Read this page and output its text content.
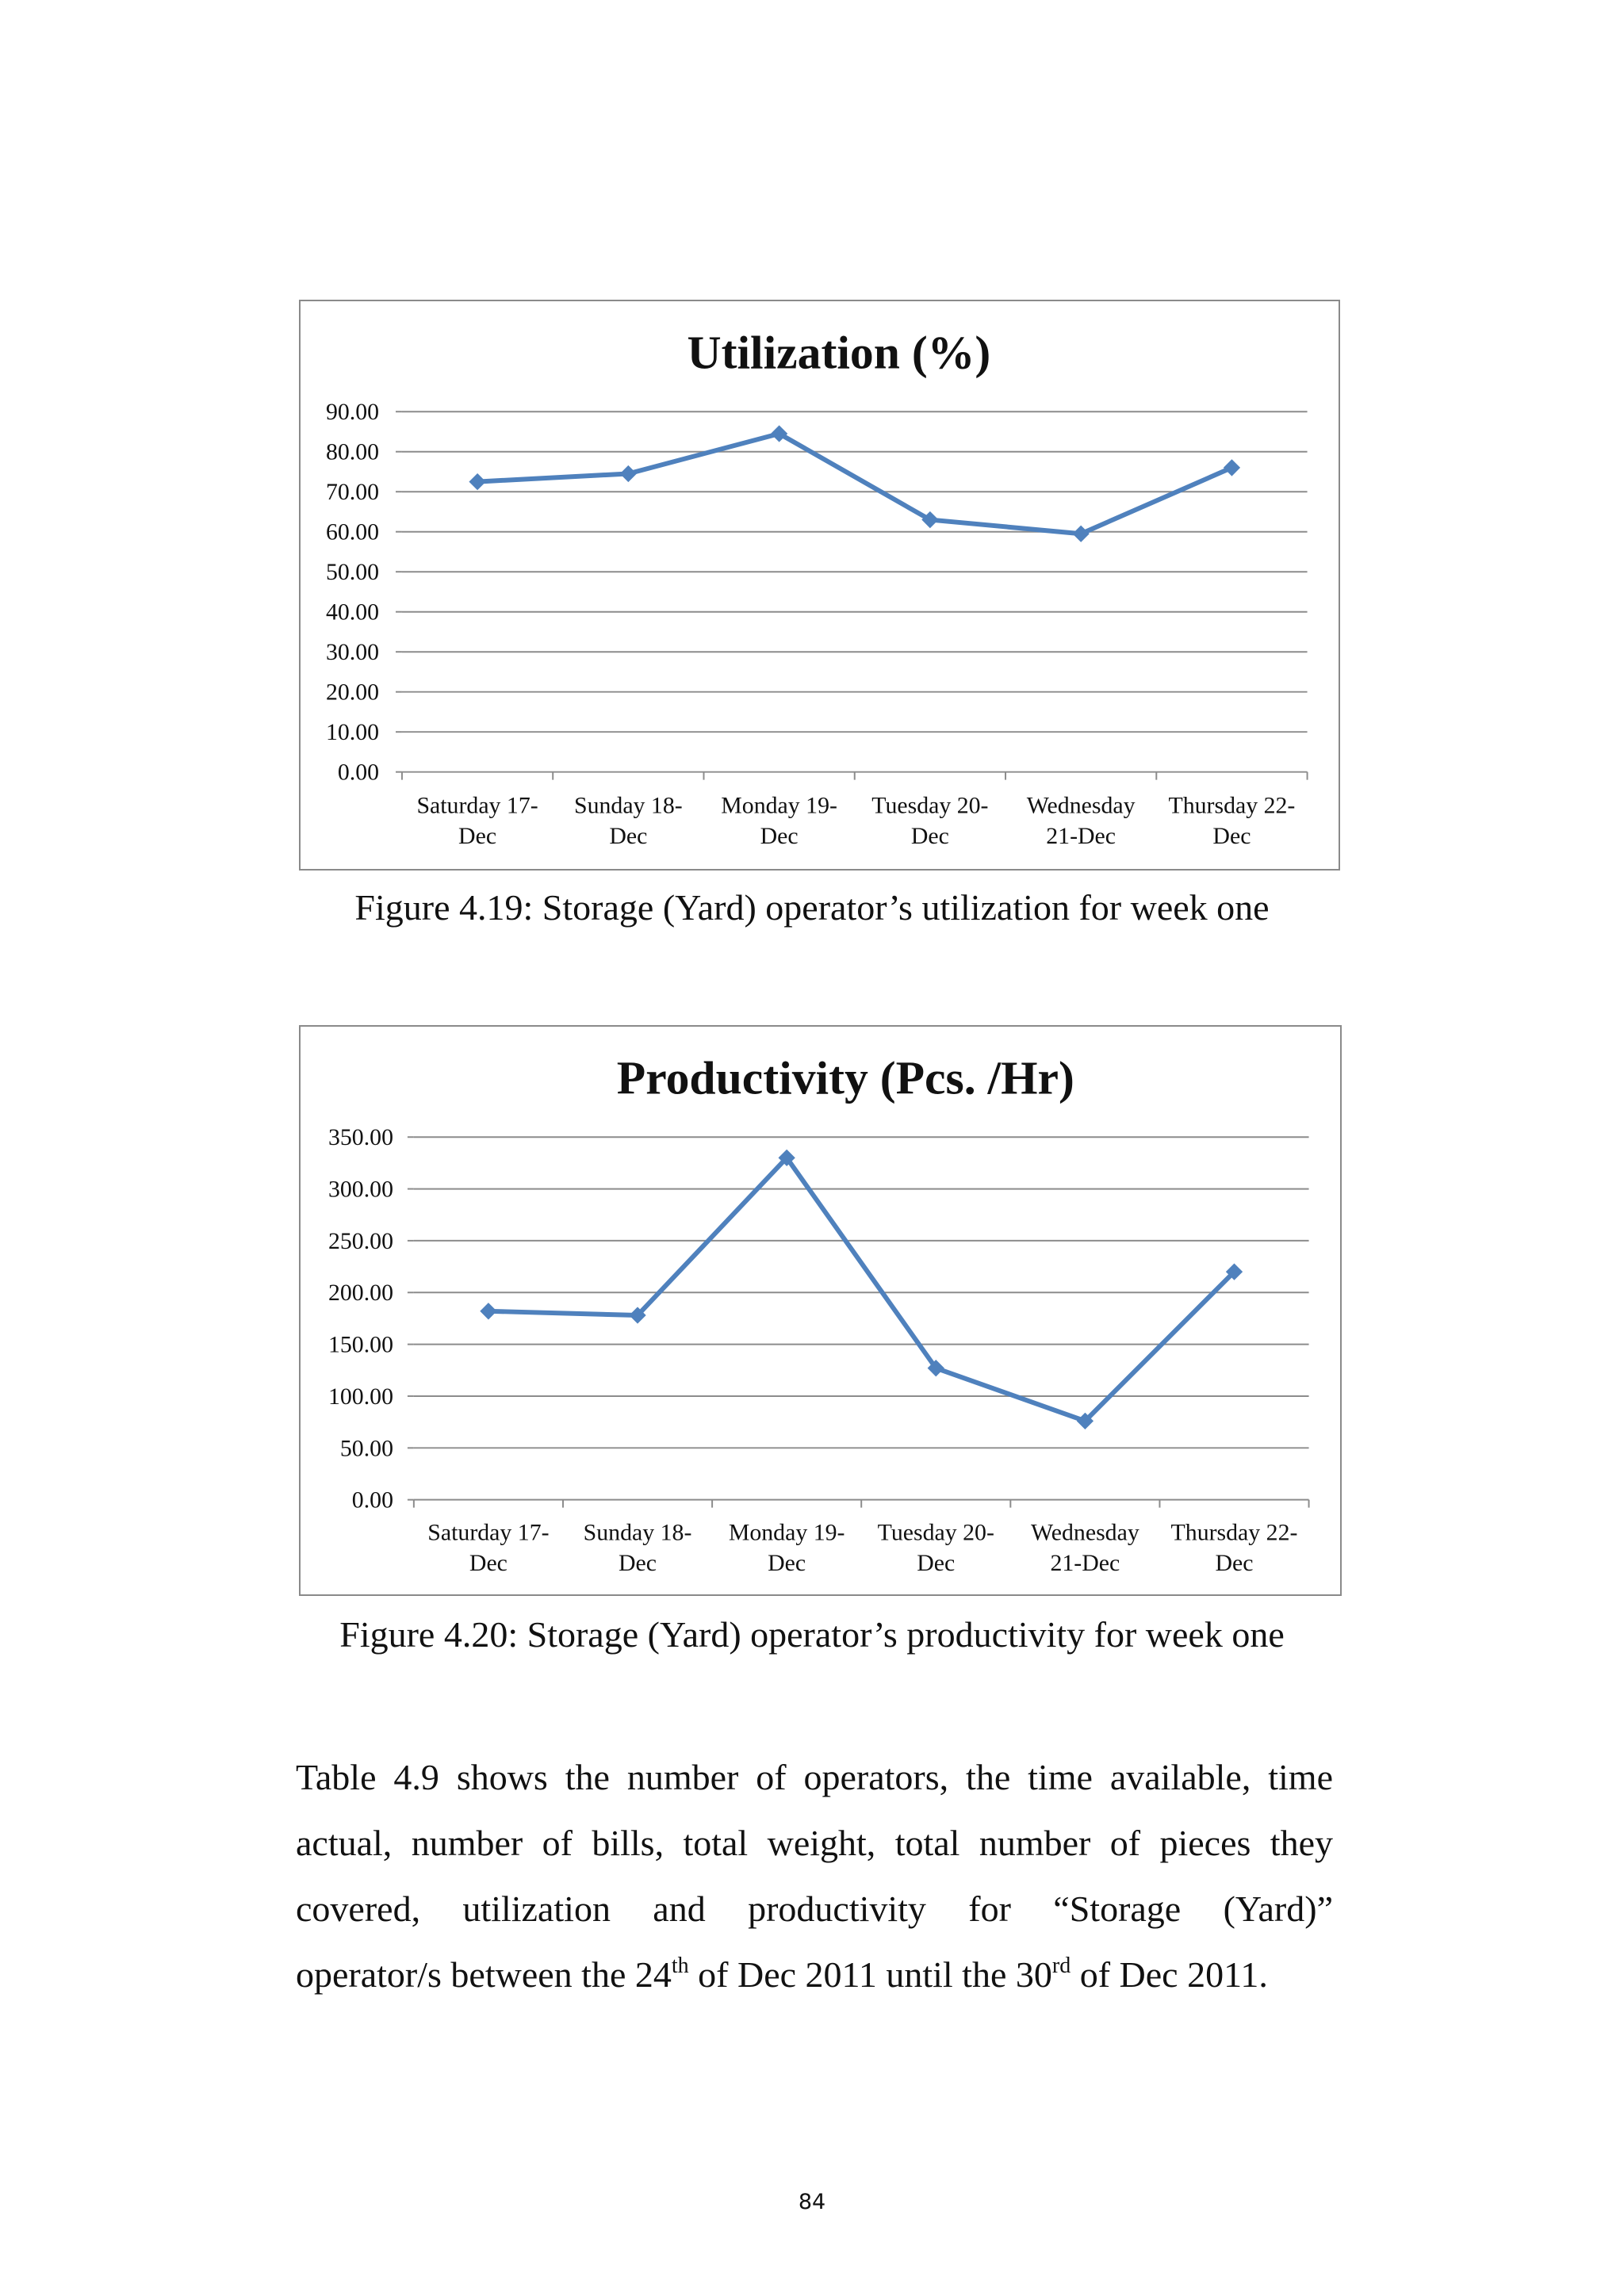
Utilization (%)
0.00
10.00
20.00
30.00
40.00
50.00
60.00
70.00
80.00
90.00
Saturday 17-
Dec
Sunday 18-
Dec
Monday 19-
Dec
Tuesday 20-
Dec
Wednesday
21-Dec
Thursday 22-
Dec
Figure 4.19: Storage (Yard) operator’s utilization for week one
Productivity (Pcs. /Hr)
0.00
50.00
100.00
150.00
200.00
250.00
300.00
350.00
Saturday 17-
Dec
Sunday 18-
Dec
Monday 19-
Dec
Tuesday 20-
Dec
Wednesday
21-Dec
Thursday 22-
Dec
Figure 4.20: Storage (Yard) operator’s productivity for week one
Table 4.9 shows the number of operators, the time available, time
actual, number of bills, total weight, total number of pieces they
covered, utilization and productivity for “Storage (Yard)”
operator/s between the 24th of Dec 2011 until the 30rd of Dec 2011.
84
